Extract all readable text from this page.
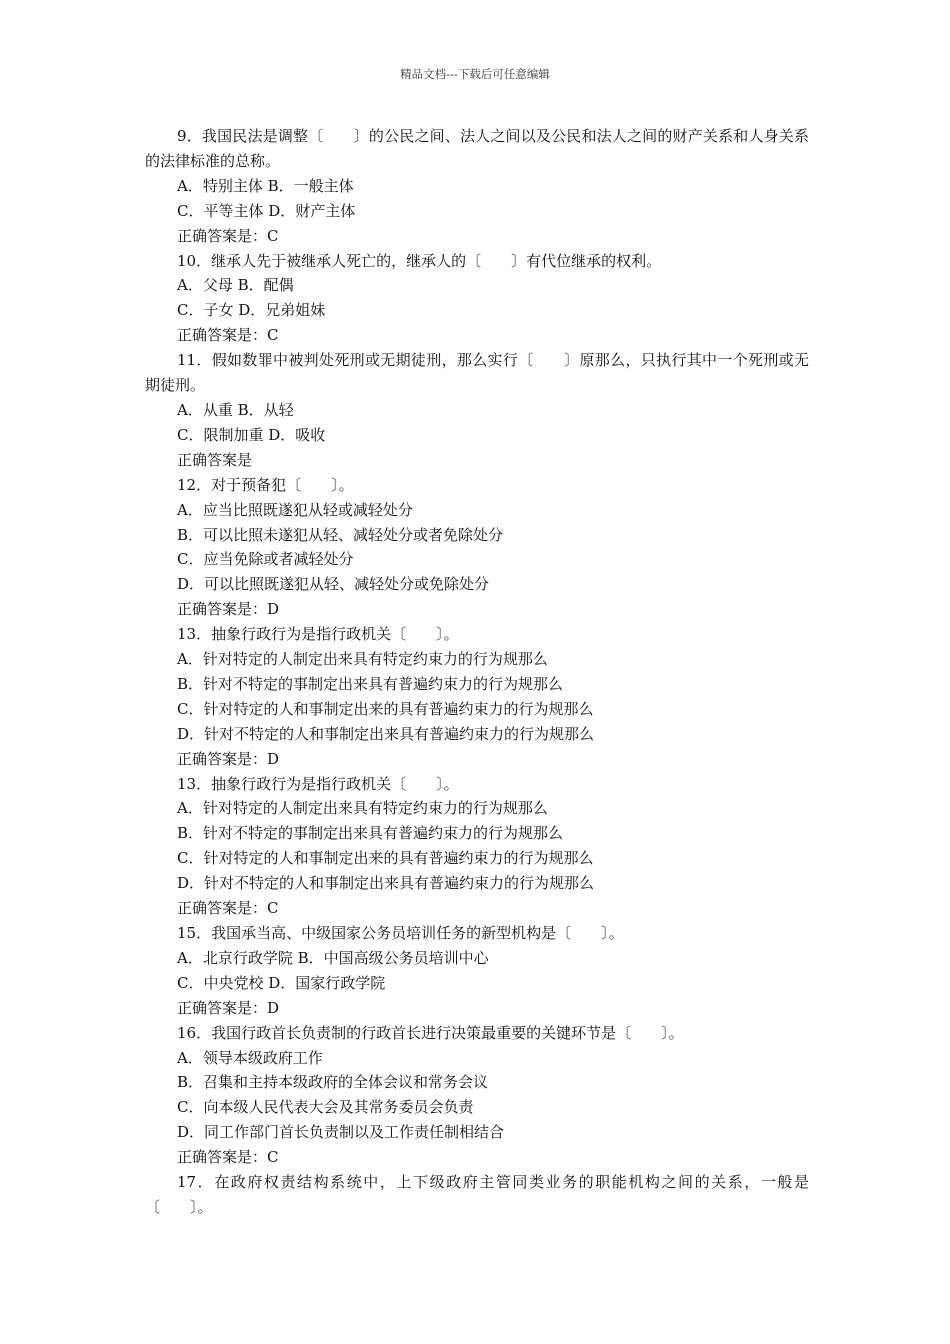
精品文档---下载后可任意编辑
9．我国民法是调整〔　　〕的公民之间、法人之间以及公民和法人之间的财产关系和人身关系的法律标准的总称。
A．特别主体 B．一般主体
C．平等主体 D．财产主体
正确答案是：C
10．继承人先于被继承人死亡的，继承人的〔　　〕有代位继承的权利。
A．父母 B．配偶
C．子女 D．兄弟姐妹
正确答案是：C
11．假如数罪中被判处死刑或无期徒刑，那么实行〔　　〕原那么，只执行其中一个死刑或无期徒刑。
A．从重 B．从轻
C．限制加重 D．吸收
正确答案是
12．对于预备犯〔　　〕。
A．应当比照既遂犯从轻或减轻处分
B．可以比照未遂犯从轻、减轻处分或者免除处分
C．应当免除或者减轻处分
D．可以比照既遂犯从轻、减轻处分或免除处分
正确答案是：D
13．抽象行政行为是指行政机关〔　　〕。
A．针对特定的人制定出来具有特定约束力的行为规那么
B．针对不特定的事制定出来具有普遍约束力的行为规那么
C．针对特定的人和事制定出来的具有普遍约束力的行为规那么
D．针对不特定的人和事制定出来具有普遍约束力的行为规那么
正确答案是：D
13．抽象行政行为是指行政机关〔　　〕。
A．针对特定的人制定出来具有特定约束力的行为规那么
B．针对不特定的事制定出来具有普遍约束力的行为规那么
C．针对特定的人和事制定出来的具有普遍约束力的行为规那么
D．针对不特定的人和事制定出来具有普遍约束力的行为规那么
正确答案是：C
15．我国承当高、中级国家公务员培训任务的新型机构是〔　　〕。
A．北京行政学院 B．中国高级公务员培训中心
C．中央党校 D．国家行政学院
正确答案是：D
16．我国行政首长负责制的行政首长进行决策最重要的关键环节是〔　　〕。
A．领导本级政府工作
B．召集和主持本级政府的全体会议和常务会议
C．向本级人民代表大会及其常务委员会负责
D．同工作部门首长负责制以及工作责任制相结合
正确答案是：C
17．在政府权责结构系统中，上下级政府主管同类业务的职能机构之间的关系，一般是〔　　〕。
